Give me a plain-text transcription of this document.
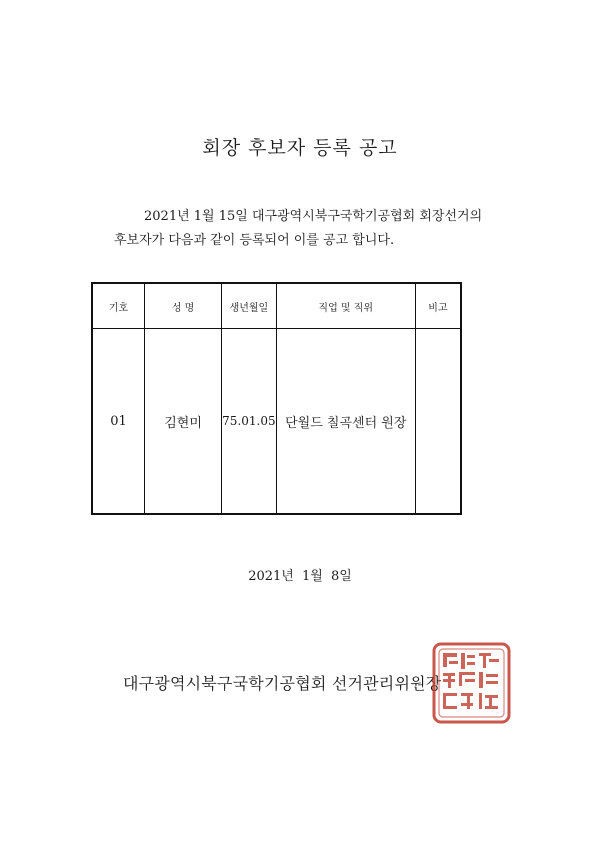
회장 후보자 등록 공고
2021년 1월 15일 대구광역시북구국학기공협회 회장선거의
후보자가 다음과 같이 등록되어 이를 공고 합니다.
기호	성 명	생년월일	직업 및 직위	비고
01	김현미	75.01.05	단월드 칠곡센터 원장	
2021년 1월 8일
대구광역시북구국학기공협회 선거관리위원장
